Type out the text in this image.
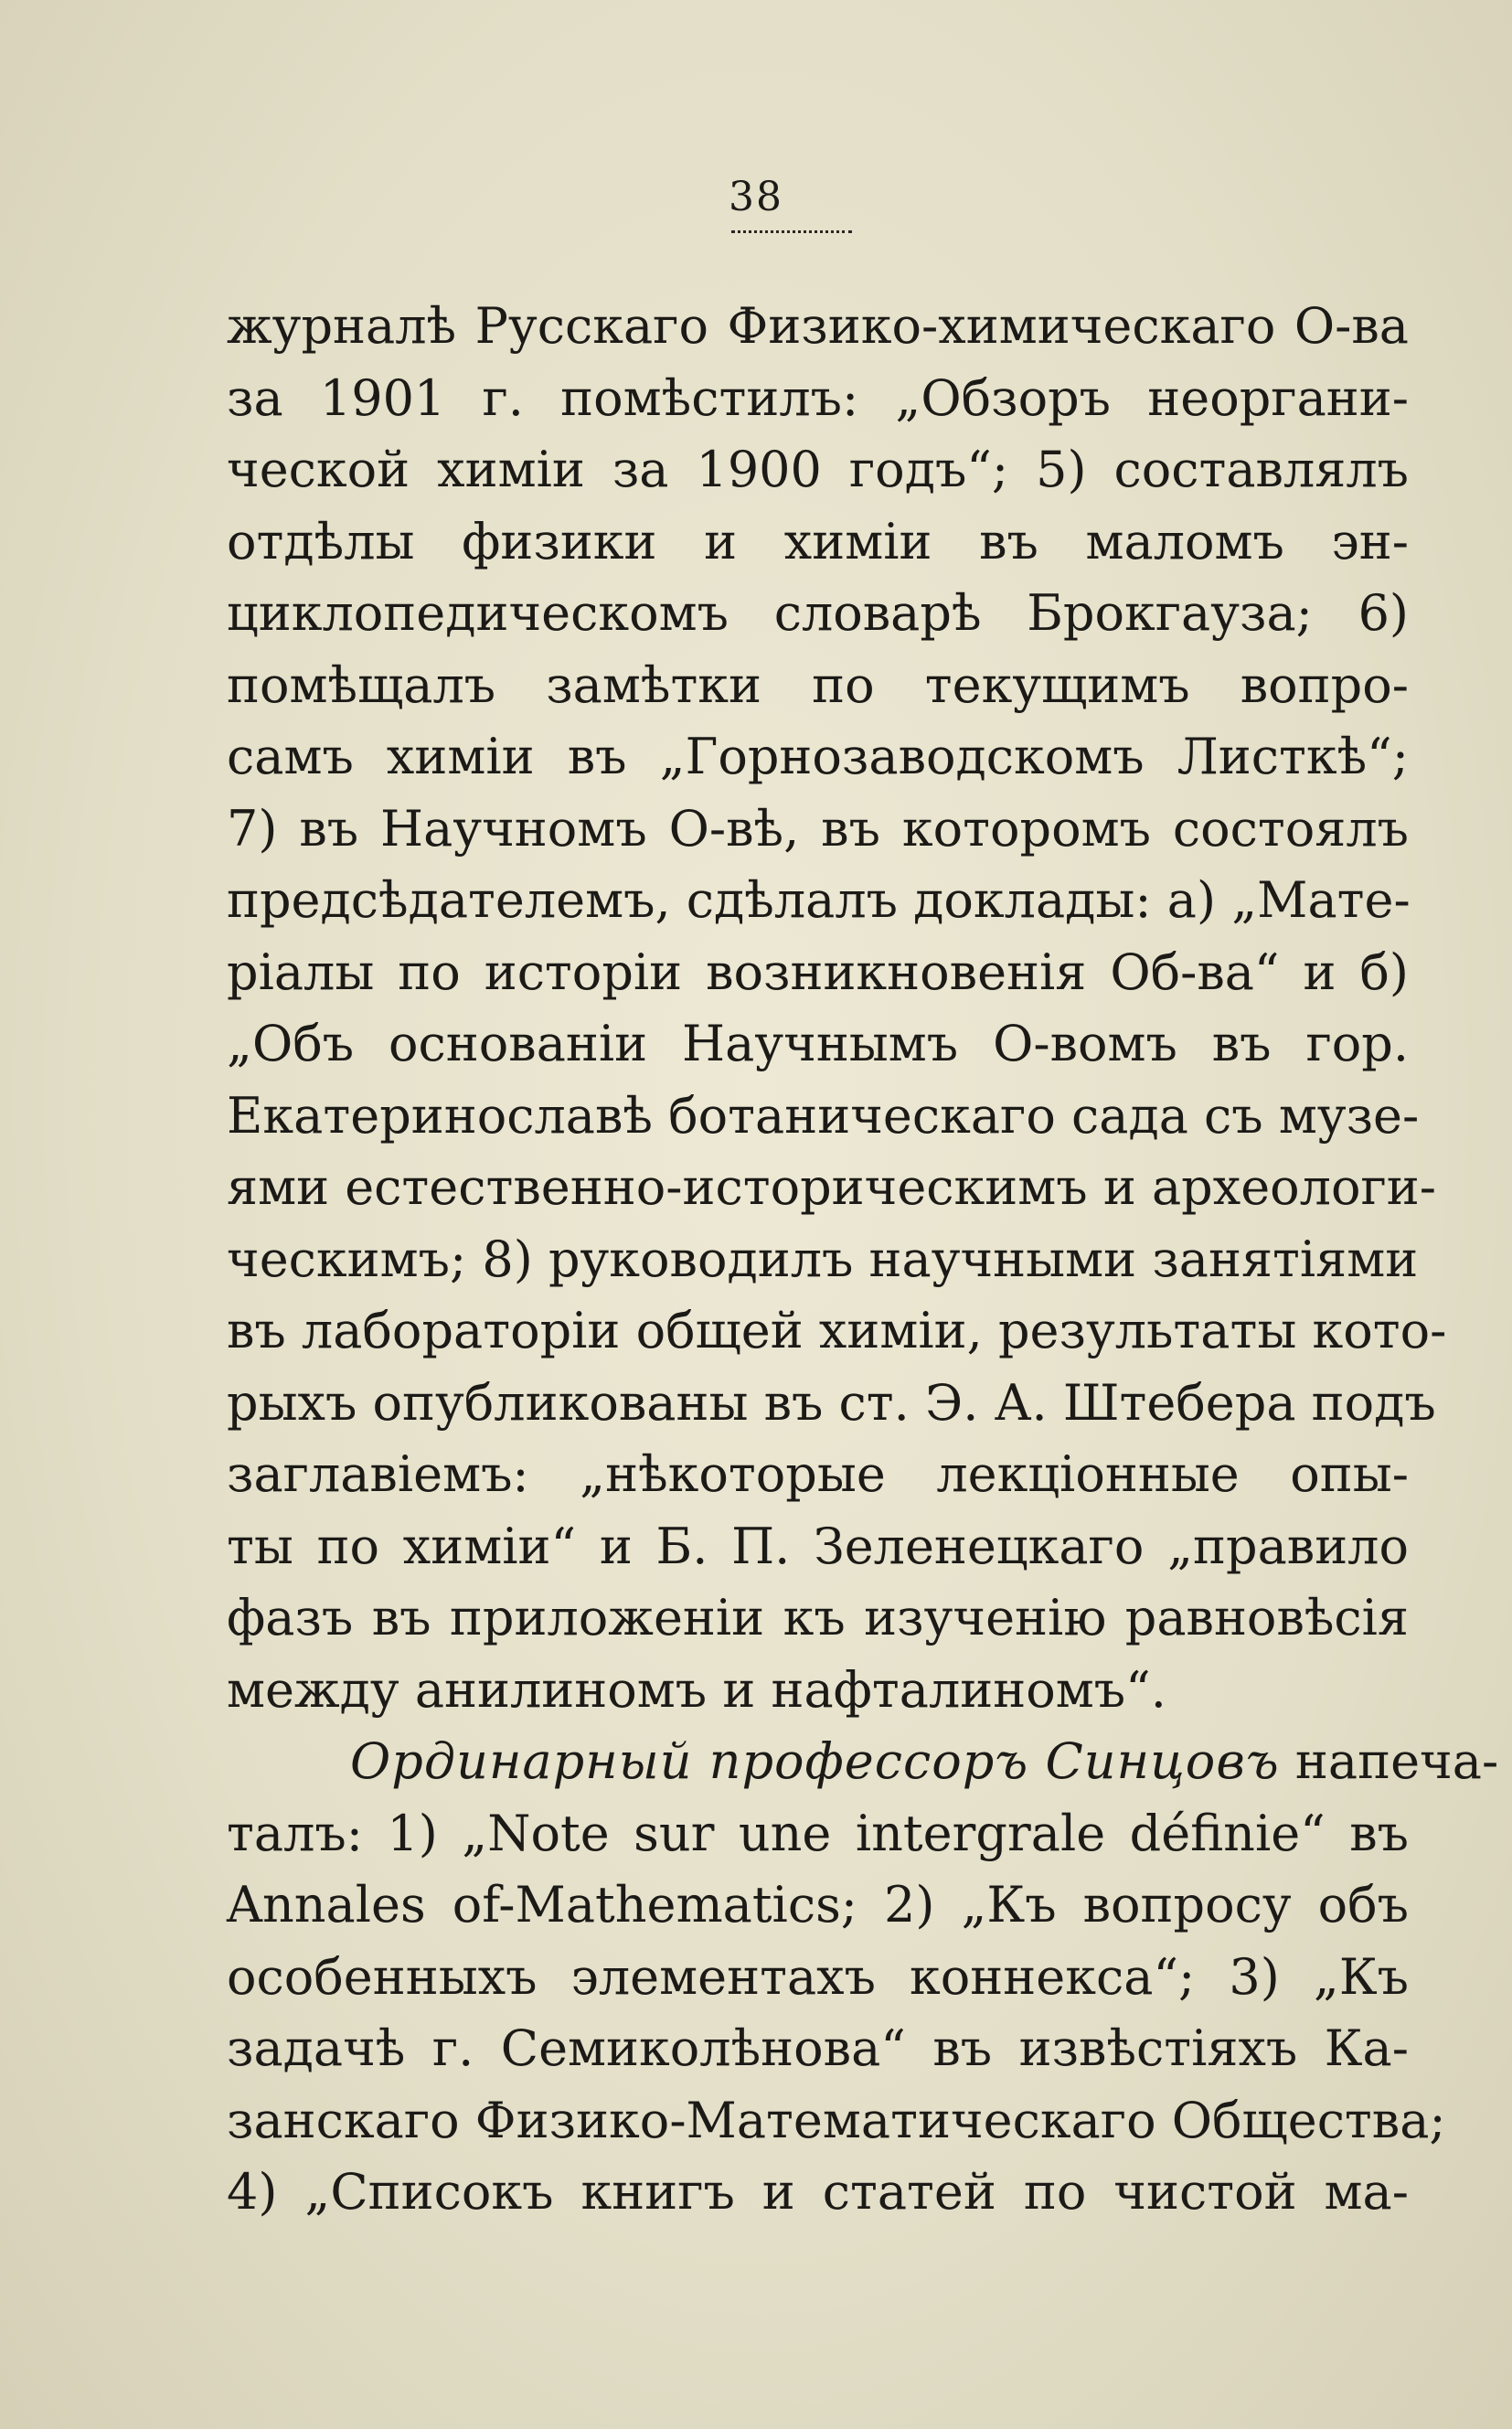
38
журналѣ Русскаго Физико-химическаго О-ва
за 1901 г. помѣстилъ: „Обзоръ неоргани-
ческой химіи за 1900 годъ“; 5) составлялъ
отдѣлы физики и химіи въ маломъ эн-
циклопедическомъ словарѣ Брокгауза; 6)
помѣщалъ замѣтки по текущимъ вопро-
самъ химіи въ „Горнозаводскомъ Листкѣ“;
7) въ Научномъ О-вѣ, въ которомъ состоялъ
предсѣдателемъ, сдѣлалъ доклады: а) „Мате-
ріалы по исторіи возникновенія Об-ва“ и б)
„Объ основаніи Научнымъ О-вомъ въ гор.
Екатеринославѣ ботаническаго сада съ музе-
ями естественно-историческимъ и археологи-
ческимъ; 8) руководилъ научными занятіями
въ лабораторіи общей химіи, результаты кото-
рыхъ опубликованы въ ст. Э. А. Штебера подъ
заглавіемъ: „нѣкоторые лекціонные опы-
ты по химіи“ и Б. П. Зеленецкаго „правило
фазъ въ приложеніи къ изученію равновѣсія
между анилиномъ и нафталиномъ“.
Ординарный профессоръ Синцовъ напеча-
талъ: 1) „Note sur une intergrale définie“ въ
Annales of-Mathematics; 2) „Къ вопросу объ
особенныхъ элементахъ коннекса“; 3) „Къ
задачѣ г. Семиколѣнова“ въ извѣстіяхъ Ка-
занскаго Физико-Математическаго Общества;
4) „Списокъ книгъ и статей по чистой ма-
